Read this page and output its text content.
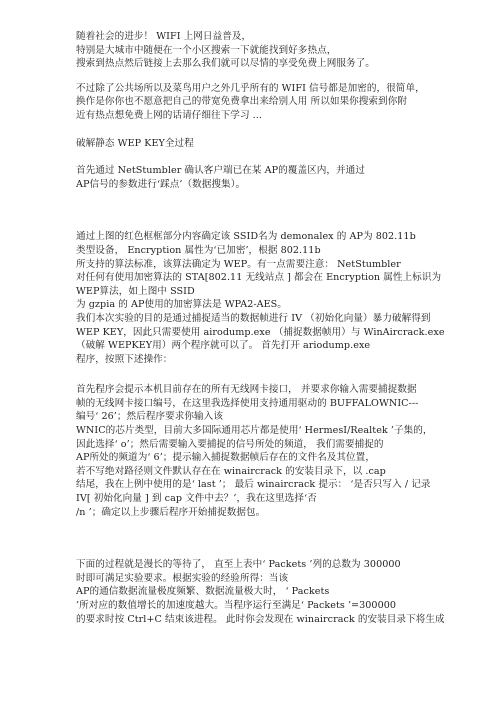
随着社会的进步！ WIFI 上网日益普及，
特别是大城市中随便在一个小区搜索一下就能找到好多热点，
搜索到热点然后链接上去那么我们就可以尽情的享受免费上网服务了。
不过除了公共场所以及菜鸟用户之外几乎所有的 WIFI 信号都是加密的，很简单，
换作是你你也不愿意把自己的带宽免费拿出来给别人用 所以如果你搜索到你附
近有热点想免费上网的话请仔细往下学习 ...
破解静态 WEP KEY全过程
首先通过 NetStumbler 确认客户端已在某 AP的覆盖区内，并通过
AP信号的参数进行‘踩点’（数据搜集）。
通过上图的红色框框部分内容确定该 SSID名为 demonalex 的 AP为 802.11b
类型设备， Encryption 属性为‘已加密’，根据 802.11b
所支持的算法标准，该算法确定为 WEP。有一点需要注意： NetStumbler
对任何有使用加密算法的 STA[802.11 无线站点 ] 都会在 Encryption 属性上标识为
WEP算法，如上图中 SSID
为 gzpia 的 AP使用的加密算法是 WPA2-AES。
我们本次实验的目的是通过捕捉适当的数据帧进行 IV （初始化向量）暴力破解得到
WEP KEY，因此只需要使用 airodump.exe （捕捉数据帧用）与 WinAircrack.exe
（破解 WEPKEY用）两个程序就可以了。 首先打开 ariodump.exe
程序，按照下述操作：
首先程序会提示本机目前存在的所有无线网卡接口， 并要求你输入需要捕捉数据
帧的无线网卡接口编号，在这里我选择使用支持通用驱动的 BUFFALOWNIC---
编号‘ 26’；然后程序要求你输入该
WNIC的芯片类型，目前大多国际通用芯片都是使用‘ HermesI/Realtek ’子集的，
因此选择‘ o’；然后需要输入要捕捉的信号所处的频道， 我们需要捕捉的
AP所处的频道为‘ 6’；提示输入捕捉数据帧后存在的文件名及其位置，
若不写绝对路径则文件默认存在在 winaircrack 的安装目录下，以 .cap
结尾，我在上例中使用的是‘ last ’； 最后 winaircrack 提示： ‘是否只写入 / 记录
IV[ 初始化向量 ] 到 cap 文件中去？’，我在这里选择‘否
/n ’；确定以上步骤后程序开始捕捉数据包。
下面的过程就是漫长的等待了， 直至上表中‘ Packets ’列的总数为 300000
时即可满足实验要求。根据实验的经验所得：当该
AP的通信数据流量极度频繁、数据流量极大时， ‘ Packets
’所对应的数值增长的加速度越大。当程序运行至满足‘ Packets ’=300000
的要求时按 Ctrl+C 结束该进程。 此时你会发现在 winaircrack 的安装目录下将生成
